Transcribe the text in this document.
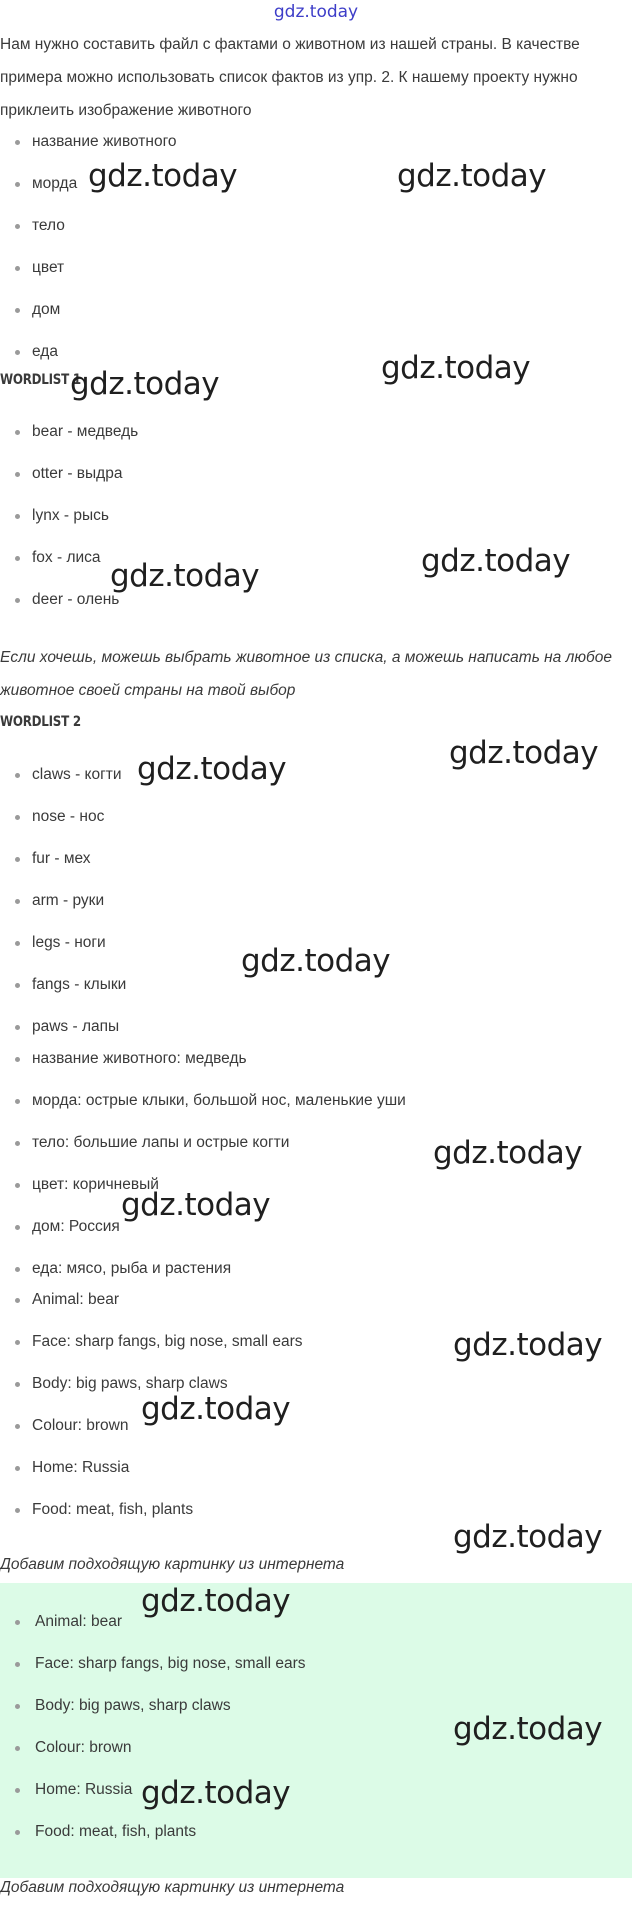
gdz.today
Нам нужно составить файл с фактами о животном из нашей страны. В качестве примера можно использовать список фактов из упр. 2. К нашему проекту нужно приклеить изображение животного
название животного
морда
тело
цвет
дом
еда
WORDLIST 1
bear - медведь
otter - выдра
lynx - рысь
fox - лиса
deer - олень
Если хочешь, можешь выбрать животное из списка, а можешь написать на любое животное своей страны на твой выбор
WORDLIST 2
claws - когти
nose - нос
fur - мех
arm - руки
legs - ноги
fangs - клыки
paws - лапы
название животного: медведь
морда: острые клыки, большой нос, маленькие уши
тело: большие лапы и острые когти
цвет: коричневый
дом: Россия
еда: мясо, рыба и растения
Animal: bear
Face: sharp fangs, big nose, small ears
Body: big paws, sharp claws
Colour: brown
Home: Russia
Food: meat, fish, plants
Добавим подходящую картинку из интернета
Animal: bear
Face: sharp fangs, big nose, small ears
Body: big paws, sharp claws
Colour: brown
Home: Russia
Food: meat, fish, plants
Добавим подходящую картинку из интернета
gdz.today	gdz.today
gdz.today
gdz.today
gdz.today
gdz.today
gdz.today
gdz.today
gdz.today
gdz.today
gdz.today
gdz.today
gdz.today
gdz.today
gdz.today
gdz.today
gdz.today
